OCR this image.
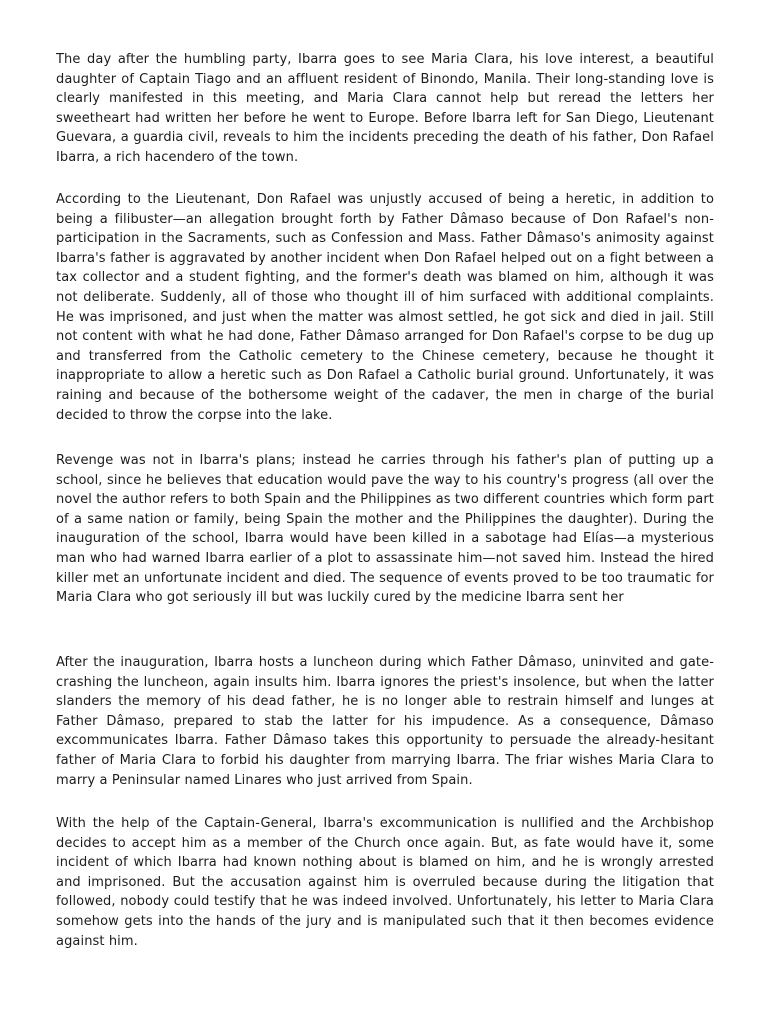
The day after the humbling party, Ibarra goes to see Maria Clara, his love interest, a beautiful daughter of Captain Tiago and an affluent resident of Binondo, Manila. Their long-standing love is clearly manifested in this meeting, and Maria Clara cannot help but reread the letters her sweetheart had written her before he went to Europe. Before Ibarra left for San Diego, Lieutenant Guevara, a guardia civil, reveals to him the incidents preceding the death of his father, Don Rafael Ibarra, a rich hacendero of the town.

According to the Lieutenant, Don Rafael was unjustly accused of being a heretic, in addition to being a filibuster—an allegation brought forth by Father Dâmaso because of Don Rafael's non-participation in the Sacraments, such as Confession and Mass. Father Dâmaso's animosity against Ibarra's father is aggravated by another incident when Don Rafael helped out on a fight between a tax collector and a student fighting, and the former's death was blamed on him, although it was not deliberate. Suddenly, all of those who thought ill of him surfaced with additional complaints. He was imprisoned, and just when the matter was almost settled, he got sick and died in jail. Still not content with what he had done, Father Dâmaso arranged for Don Rafael's corpse to be dug up and transferred from the Catholic cemetery to the Chinese cemetery, because he thought it inappropriate to allow a heretic such as Don Rafael a Catholic burial ground. Unfortunately, it was raining and because of the bothersome weight of the cadaver, the men in charge of the burial decided to throw the corpse into the lake.

Revenge was not in Ibarra's plans; instead he carries through his father's plan of putting up a school, since he believes that education would pave the way to his country's progress (all over the novel the author refers to both Spain and the Philippines as two different countries which form part of a same nation or family, being Spain the mother and the Philippines the daughter). During the inauguration of the school, Ibarra would have been killed in a sabotage had Elías—a mysterious man who had warned Ibarra earlier of a plot to assassinate him—not saved him. Instead the hired killer met an unfortunate incident and died. The sequence of events proved to be too traumatic for Maria Clara who got seriously ill but was luckily cured by the medicine Ibarra sent her

After the inauguration, Ibarra hosts a luncheon during which Father Dâmaso, uninvited and gate-crashing the luncheon, again insults him. Ibarra ignores the priest's insolence, but when the latter slanders the memory of his dead father, he is no longer able to restrain himself and lunges at Father Dâmaso, prepared to stab the latter for his impudence. As a consequence, Dâmaso excommunicates Ibarra. Father Dâmaso takes this opportunity to persuade the already-hesitant father of Maria Clara to forbid his daughter from marrying Ibarra. The friar wishes Maria Clara to marry a Peninsular named Linares who just arrived from Spain.

With the help of the Captain-General, Ibarra's excommunication is nullified and the Archbishop decides to accept him as a member of the Church once again. But, as fate would have it, some incident of which Ibarra had known nothing about is blamed on him, and he is wrongly arrested and imprisoned. But the accusation against him is overruled because during the litigation that followed, nobody could testify that he was indeed involved. Unfortunately, his letter to Maria Clara somehow gets into the hands of the jury and is manipulated such that it then becomes evidence against him.
